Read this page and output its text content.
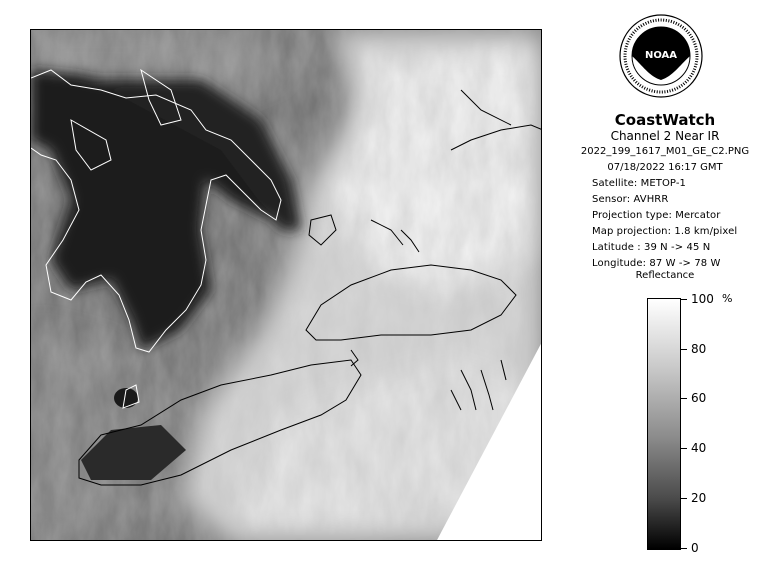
NOAA
CoastWatch
Channel 2 Near IR
2022_199_1617_M01_GE_C2.PNG
07/18/2022 16:17 GMT
Satellite: METOP-1
Sensor: AVHRR
Projection type: Mercator
Map projection: 1.8 km/pixel
Latitude : 39 N -> 45 N
Longitude: 87 W -> 78 W
Reflectance
%
100
80
60
40
20
0
